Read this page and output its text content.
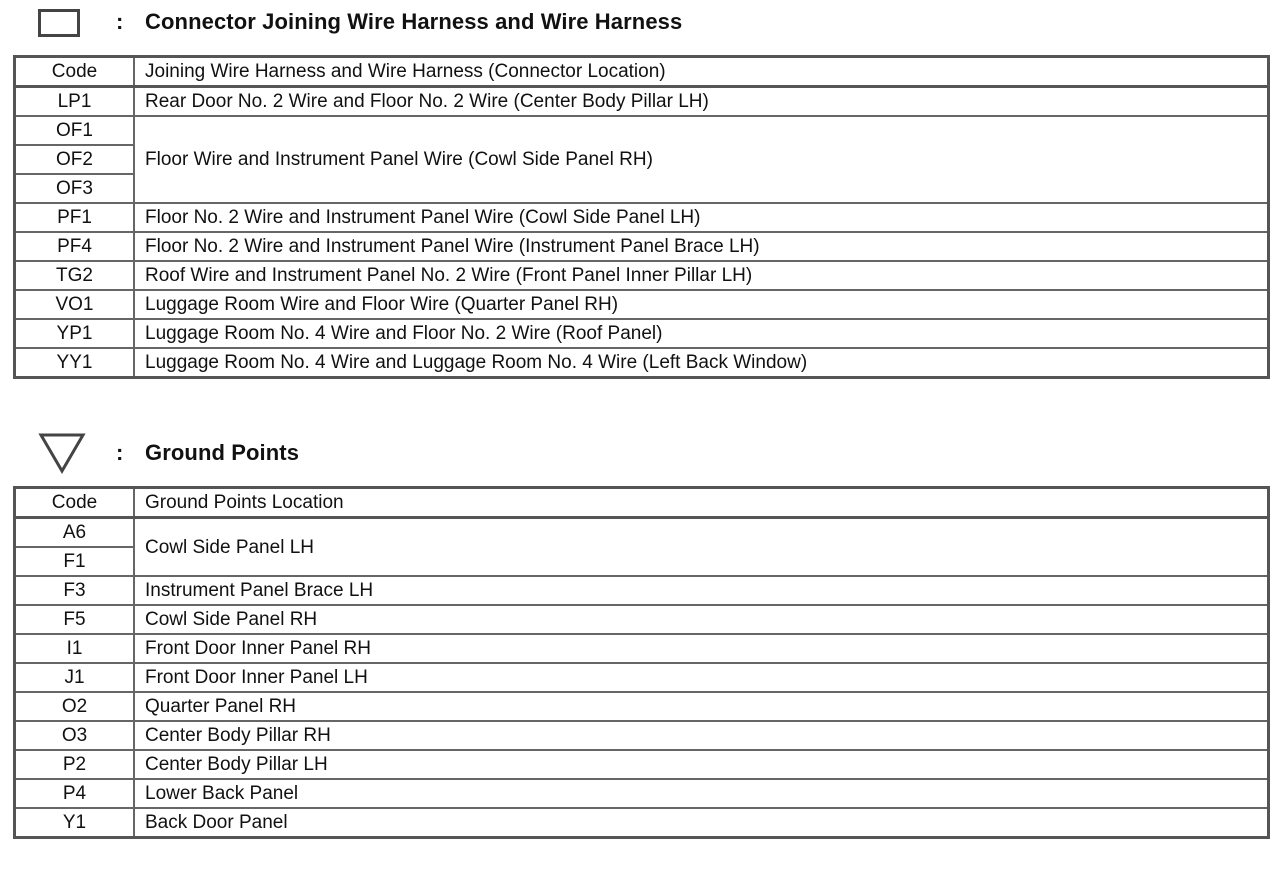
: Connector Joining Wire Harness and Wire Harness
Code	Joining Wire Harness and Wire Harness (Connector Location)
LP1	Rear Door No. 2 Wire and Floor No. 2 Wire (Center Body Pillar LH)
OF1	Floor Wire and Instrument Panel Wire (Cowl Side Panel RH)
OF2	
OF3	
PF1	Floor No. 2 Wire and Instrument Panel Wire (Cowl Side Panel LH)
PF4	Floor No. 2 Wire and Instrument Panel Wire (Instrument Panel Brace LH)
TG2	Roof Wire and Instrument Panel No. 2 Wire (Front Panel Inner Pillar LH)
VO1	Luggage Room Wire and Floor Wire (Quarter Panel RH)
YP1	Luggage Room No. 4 Wire and Floor No. 2 Wire (Roof Panel)
YY1	Luggage Room No. 4 Wire and Luggage Room No. 4 Wire (Left Back Window)
: Ground Points
Code	Ground Points Location
A6	Cowl Side Panel LH
F1	
F3	Instrument Panel Brace LH
F5	Cowl Side Panel RH
I1	Front Door Inner Panel RH
J1	Front Door Inner Panel LH
O2	Quarter Panel RH
O3	Center Body Pillar RH
P2	Center Body Pillar LH
P4	Lower Back Panel
Y1	Back Door Panel
